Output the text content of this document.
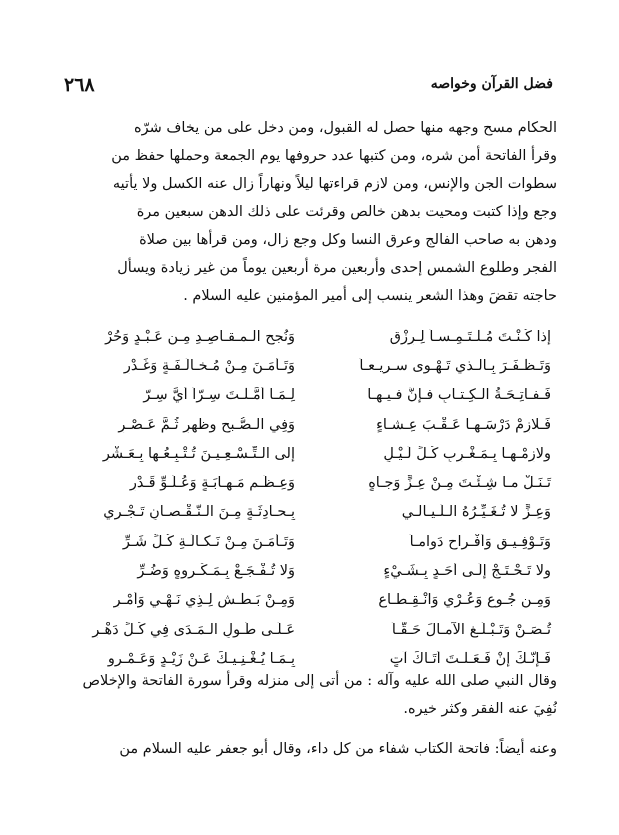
٢٦٨	فضل القرآن وخواصه
الحكام مسح وجهه منها حصل له القبول، ومن دخل على من يخاف شرّه
وقرأ الفاتحة أمن شره، ومن كتبها عدد حروفها يوم الجمعة وحملها حفظ من
سطوات الجن والإنس، ومن لازم قراءتها ليلاً ونهاراً زال عنه الكسل ولا يأتيه
وجع وإذا كتبت ومحيت بدهن خالص وقرئت على ذلك الدهن سبعين مرة
ودهن به صاحب الفالج وعرق النسا وكل وجع زال، ومن قرأها بين صلاة
الفجر وطلوع الشمس إحدى وأربعين مرة أربعين يوماً من غير زيادة ويسأل
حاجته تقضَ وهذا الشعر ينسب إلى أمير المؤمنين عليه السلام .
إذا كُـنْـتَ مُـلْـتَـمِـسـاً لِـرِزْقٍ
وَنُجحِ الـمـقـاصِـدِ مِـن عَـبْـدٍ وَحُرْ
وَتَـظْـفَـرَ بِـالـذي تَـهْـوى سـريـعـاً
وَتَـأْمَـنَ مِـنْ مُـخـالَـفَـةٍ وَغَـدْرِ
فَـفـاتِـحَـةُ الـكِـتـابِ فـإنَّ فـيـهـا
لِـمَـا أَمَّـلْـتَ سِـرّاً أَيَّ سِـرّ
فَـلازِمْ دَرْسَـهـا عَـقْـبَ عِـشـاءٍ
وَفِي الـصُّـبحِ وظهرٍ ثُـمَّ عَـصْـرِ
ولازِمْـهـا بِـمَـغْـرِبِ كُـلِّ لَـيْـلٍ
إلى الـتِّـسْـعِـيـنَ تُـتْـبِـعُـها بِـعَـشْرِ
تَـنَـلْ مـا شِـئْـتَ مِـنْ عِـزٍّ وَجـاهٍ
وَعِـظَـمِ مَـهـابَـةٍ وَعُـلُـوِّ قَـدْرِ
وَعِـزٍّ لا تُـغَـيِّـرُهُ الـلَّـيـالـي
بِـحـادِثَـةٍ مِـنَ الـنُّـقْـصـانِ تَـجْـري
وَتَـوْفِـيـقٍ وَأَفْـراحٍ دَوامـاً
وَتَـأْمَـنَ مِـنْ نَـكـالَـةِ كُـلِّ شَـرِّ
ولا تَـحْـتَـجْ إِلَـى أَحَـدٍ بِـشَـيْءٍ
وَلا تُـفْـجَـعْ بِـمَـكْـروهٍ وَضُـرِّ
وَمِـن جُـوعٍ وَعُـرْيٍ وَانْـقِـطـاعٍ
وَمِـنْ بَـطْـشِ لِـذِي نَـهْـيٍ وَأَمْـرِ
تُـصَـنْ وَتَـبْـلُـغِ الآمـالَ حَـقّـاً
عَـلَـى طُـولِ الـمَـدَى فِي كُـلِّ دَهْـرِ
فَـإنَّـكَ إنْ فَـعَـلْـتَ أَتَـاكَ آتٍ
بِـمَـا يُـغْـنِـيـكَ عَـنْ زَيْـدٍ وَعَـمْـرِو
وقال النبي صلى الله عليه وآله : من أتى إلى منزله وقرأ سورة الفاتحة والإخلاص
نُفِيَ عنه الفقر وكثر خيره.
وعنه أيضاً: فاتحة الكتاب شفاء من كل داء، وقال أبو جعفر عليه السلام من
